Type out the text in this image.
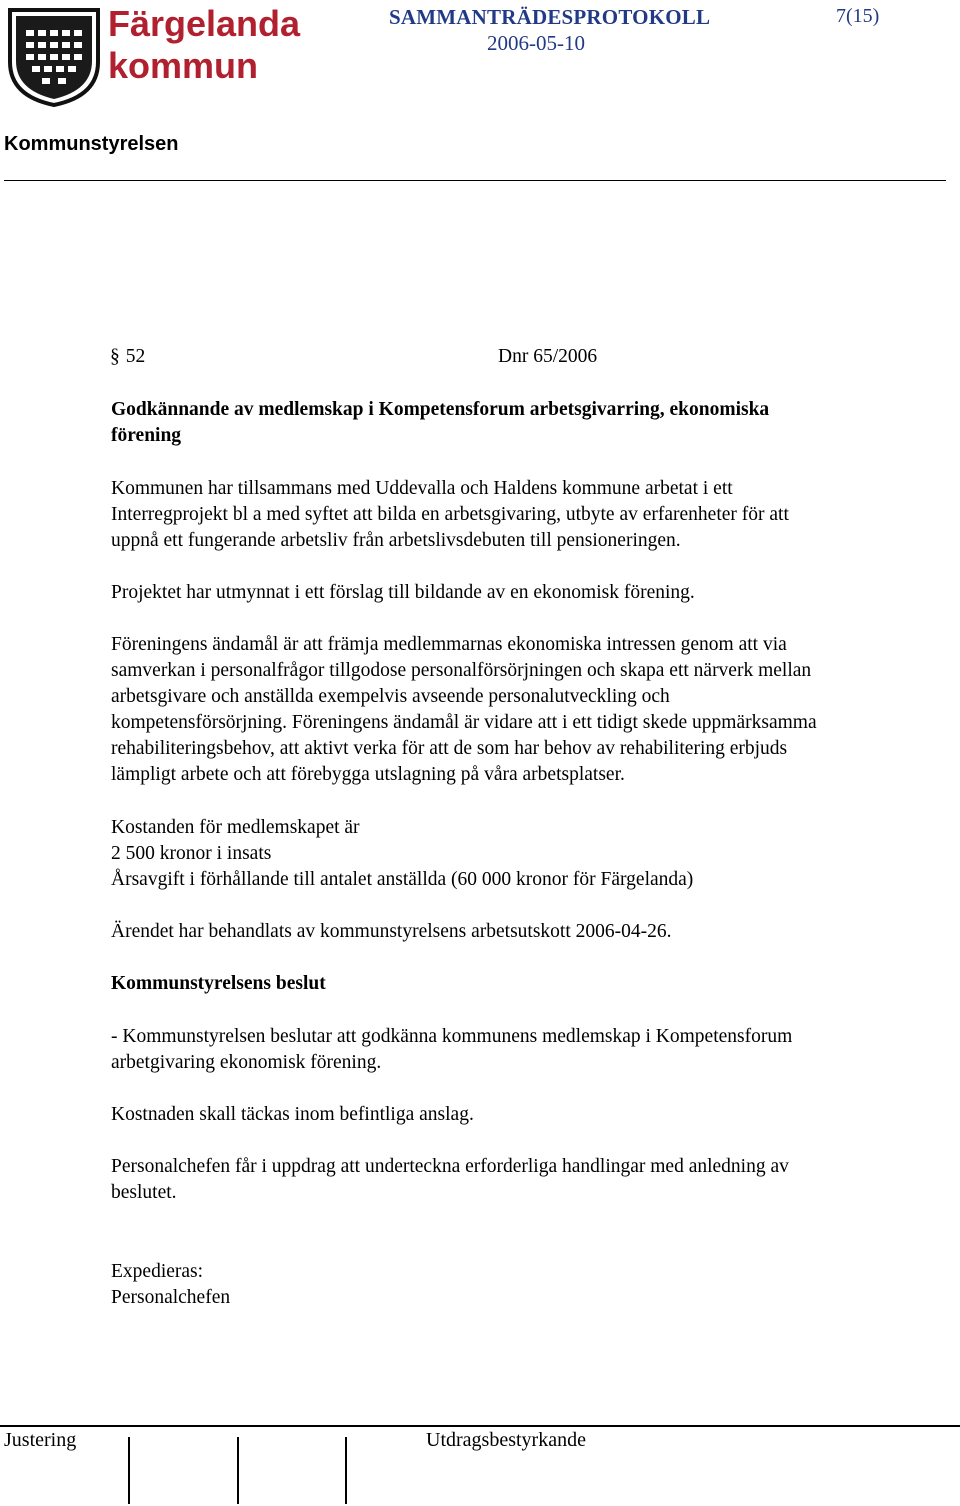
Färgelanda
kommun
SAMMANTRÄDESPROTOKOLL
2006-05-10
7(15)
Kommunstyrelsen
§ 52	Dnr 65/2006
Godkännande av medlemskap i Kompetensforum arbetsgivarring, ekonomiska
förening
Kommunen har tillsammans med Uddevalla och Haldens kommune arbetat i ett
Interregprojekt bl a med syftet att bilda en arbetsgivaring, utbyte av erfarenheter för att
uppnå ett fungerande arbetsliv från arbetslivsdebuten till pensioneringen.
Projektet har utmynnat i ett förslag till bildande av en ekonomisk förening.
Föreningens ändamål är att främja medlemmarnas ekonomiska intressen genom att via
samverkan i personalfrågor tillgodose personalförsörjningen och skapa ett närverk mellan
arbetsgivare och anställda exempelvis avseende personalutveckling och
kompetensförsörjning. Föreningens ändamål är vidare att i ett tidigt skede uppmärksamma
rehabiliteringsbehov, att aktivt verka för att de som har behov av rehabilitering erbjuds
lämpligt arbete och att förebygga utslagning på våra arbetsplatser.
Kostanden för medlemskapet är
2 500 kronor i insats
Årsavgift i förhållande till antalet anställda (60 000 kronor för Färgelanda)
Ärendet har behandlats av kommunstyrelsens arbetsutskott 2006-04-26.
Kommunstyrelsens beslut
- Kommunstyrelsen beslutar att godkänna kommunens medlemskap i Kompetensforum
arbetgivaring ekonomisk förening.
Kostnaden skall täckas inom befintliga anslag.
Personalchefen får i uppdrag att underteckna erforderliga handlingar med anledning av
beslutet.
Expedieras:
Personalchefen
Justering	Utdragsbestyrkande
